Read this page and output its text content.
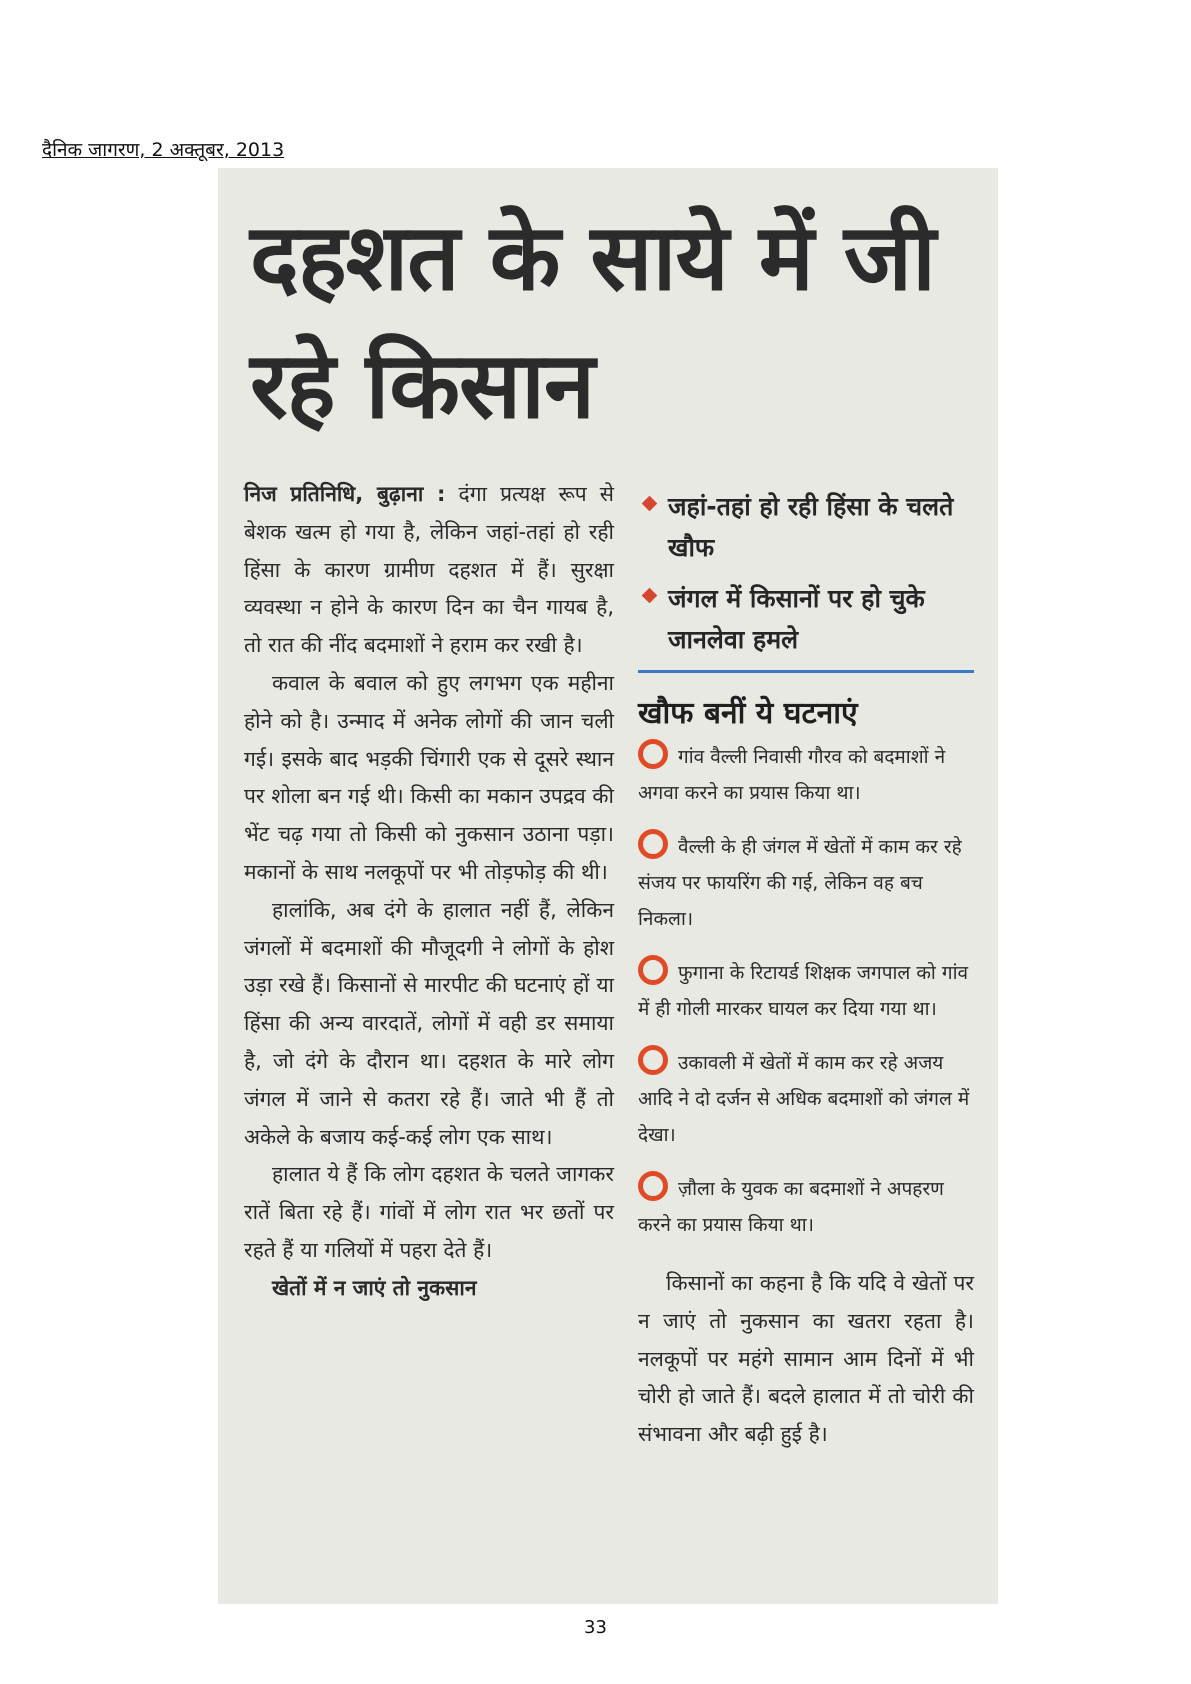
दैनिक जागरण, 2 अक्तूबर, 2013
दहशत के साये में जी रहे किसान

निज प्रतिनिधि, बुढ़ाना : दंगा प्रत्यक्ष रूप से बेशक खत्म हो गया है, लेकिन जहां-तहां हो रही हिंसा के कारण ग्रामीण दहशत में हैं। सुरक्षा व्यवस्था न होने के कारण दिन का चैन गायब है, तो रात की नींद बदमाशों ने हराम कर रखी है।

कवाल के बवाल को हुए लगभग एक महीना होने को है। उन्माद में अनेक लोगों की जान चली गई। इसके बाद भड़की चिंगारी एक से दूसरे स्थान पर शोला बन गई थी। किसी का मकान उपद्रव की भेंट चढ़ गया तो किसी को नुकसान उठाना पड़ा। मकानों के साथ नलकूपों पर भी तोड़फोड़ की थी।

हालांकि, अब दंगे के हालात नहीं हैं, लेकिन जंगलों में बदमाशों की मौजूदगी ने लोगों के होश उड़ा रखे हैं। किसानों से मारपीट की घटनाएं हों या हिंसा की अन्य वारदातें, लोगों में वही डर समाया है, जो दंगे के दौरान था। दहशत के मारे लोग जंगल में जाने से कतरा रहे हैं। जाते भी हैं तो अकेले के बजाय कई-कई लोग एक साथ।

हालात ये हैं कि लोग दहशत के चलते जागकर रातें बिता रहे हैं। गांवों में लोग रात भर छतों पर रहते हैं या गलियों में पहरा देते हैं।

खेतों में न जाएं तो नुकसान

जहां-तहां हो रही हिंसा के चलते खौफ
जंगल में किसानों पर हो चुके जानलेवा हमले
खौफ बनीं ये घटनाएं

गांव वैल्ली निवासी गौरव को बदमाशों ने अगवा करने का प्रयास किया था।

वैल्ली के ही जंगल में खेतों में काम कर रहे संजय पर फायरिंग की गई, लेकिन वह बच निकला।

फुगाना के रिटायर्ड शिक्षक जगपाल को गांव में ही गोली मारकर घायल कर दिया गया था।

उकावली में खेतों में काम कर रहे अजय आदि ने दो दर्जन से अधिक बदमाशों को जंगल में देखा।

ज़ौला के युवक का बदमाशों ने अपहरण करने का प्रयास किया था।

किसानों का कहना है कि यदि वे खेतों पर न जाएं तो नुकसान का खतरा रहता है। नलकूपों पर महंगे सामान आम दिनों में भी चोरी हो जाते हैं। बदले हालात में तो चोरी की संभावना और बढ़ी हुई है।

33
